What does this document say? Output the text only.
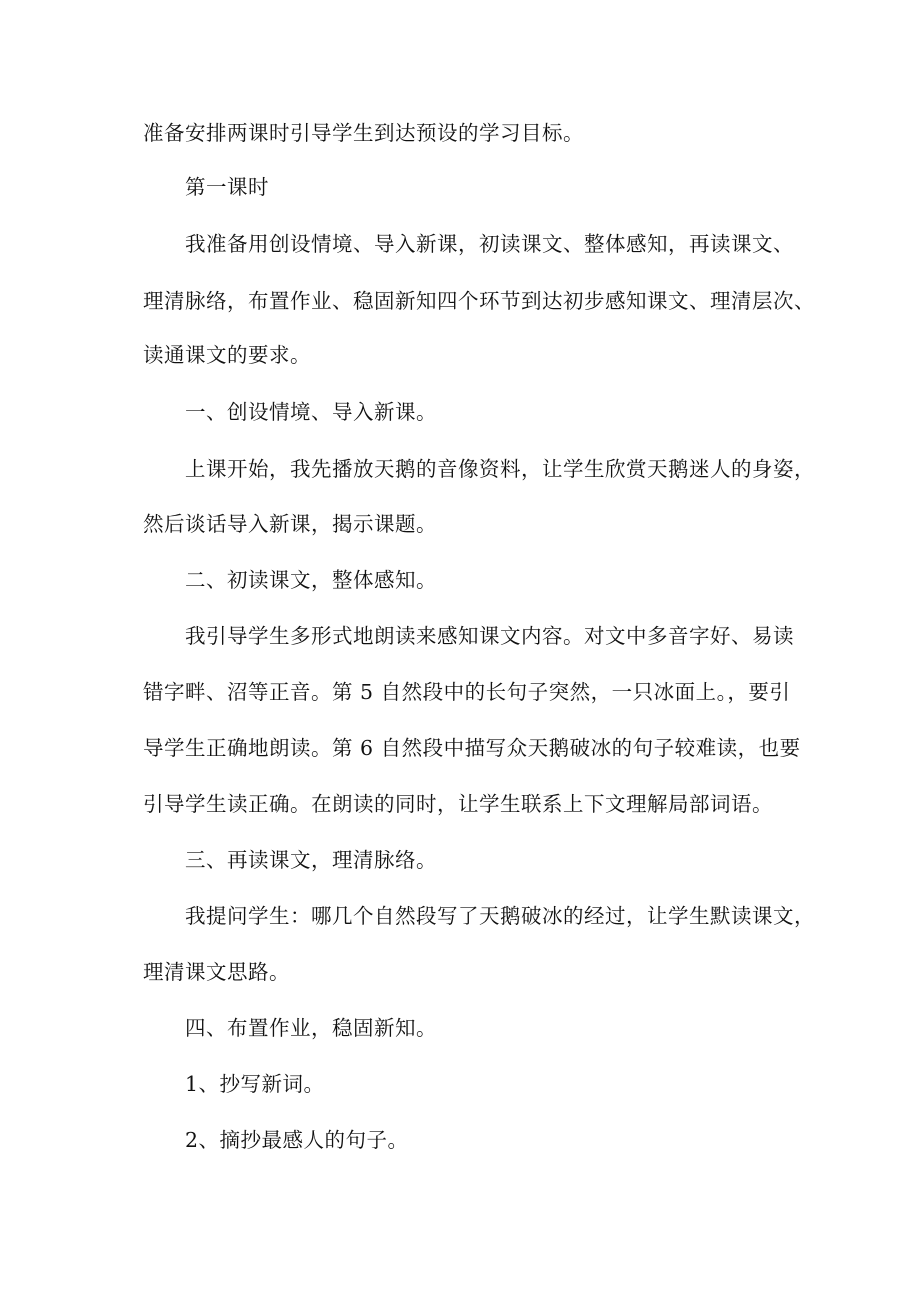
准备安排两课时引导学生到达预设的学习目标。
第一课时
我准备用创设情境、导入新课，初读课文、整体感知，再读课文、
理清脉络，布置作业、稳固新知四个环节到达初步感知课文、理清层次、
读通课文的要求。
一、创设情境、导入新课。
上课开始，我先播放天鹅的音像资料，让学生欣赏天鹅迷人的身姿，
然后谈话导入新课，揭示课题。
二、初读课文，整体感知。
我引导学生多形式地朗读来感知课文内容。对文中多音字好、易读
错字畔、沼等正音。第 5 自然段中的长句子突然，一只冰面上。，要引
导学生正确地朗读。第 6 自然段中描写众天鹅破冰的句子较难读，也要
引导学生读正确。在朗读的同时，让学生联系上下文理解局部词语。
三、再读课文，理清脉络。
我提问学生：哪几个自然段写了天鹅破冰的经过，让学生默读课文，
理清课文思路。
四、布置作业，稳固新知。
1、抄写新词。
2、摘抄最感人的句子。
